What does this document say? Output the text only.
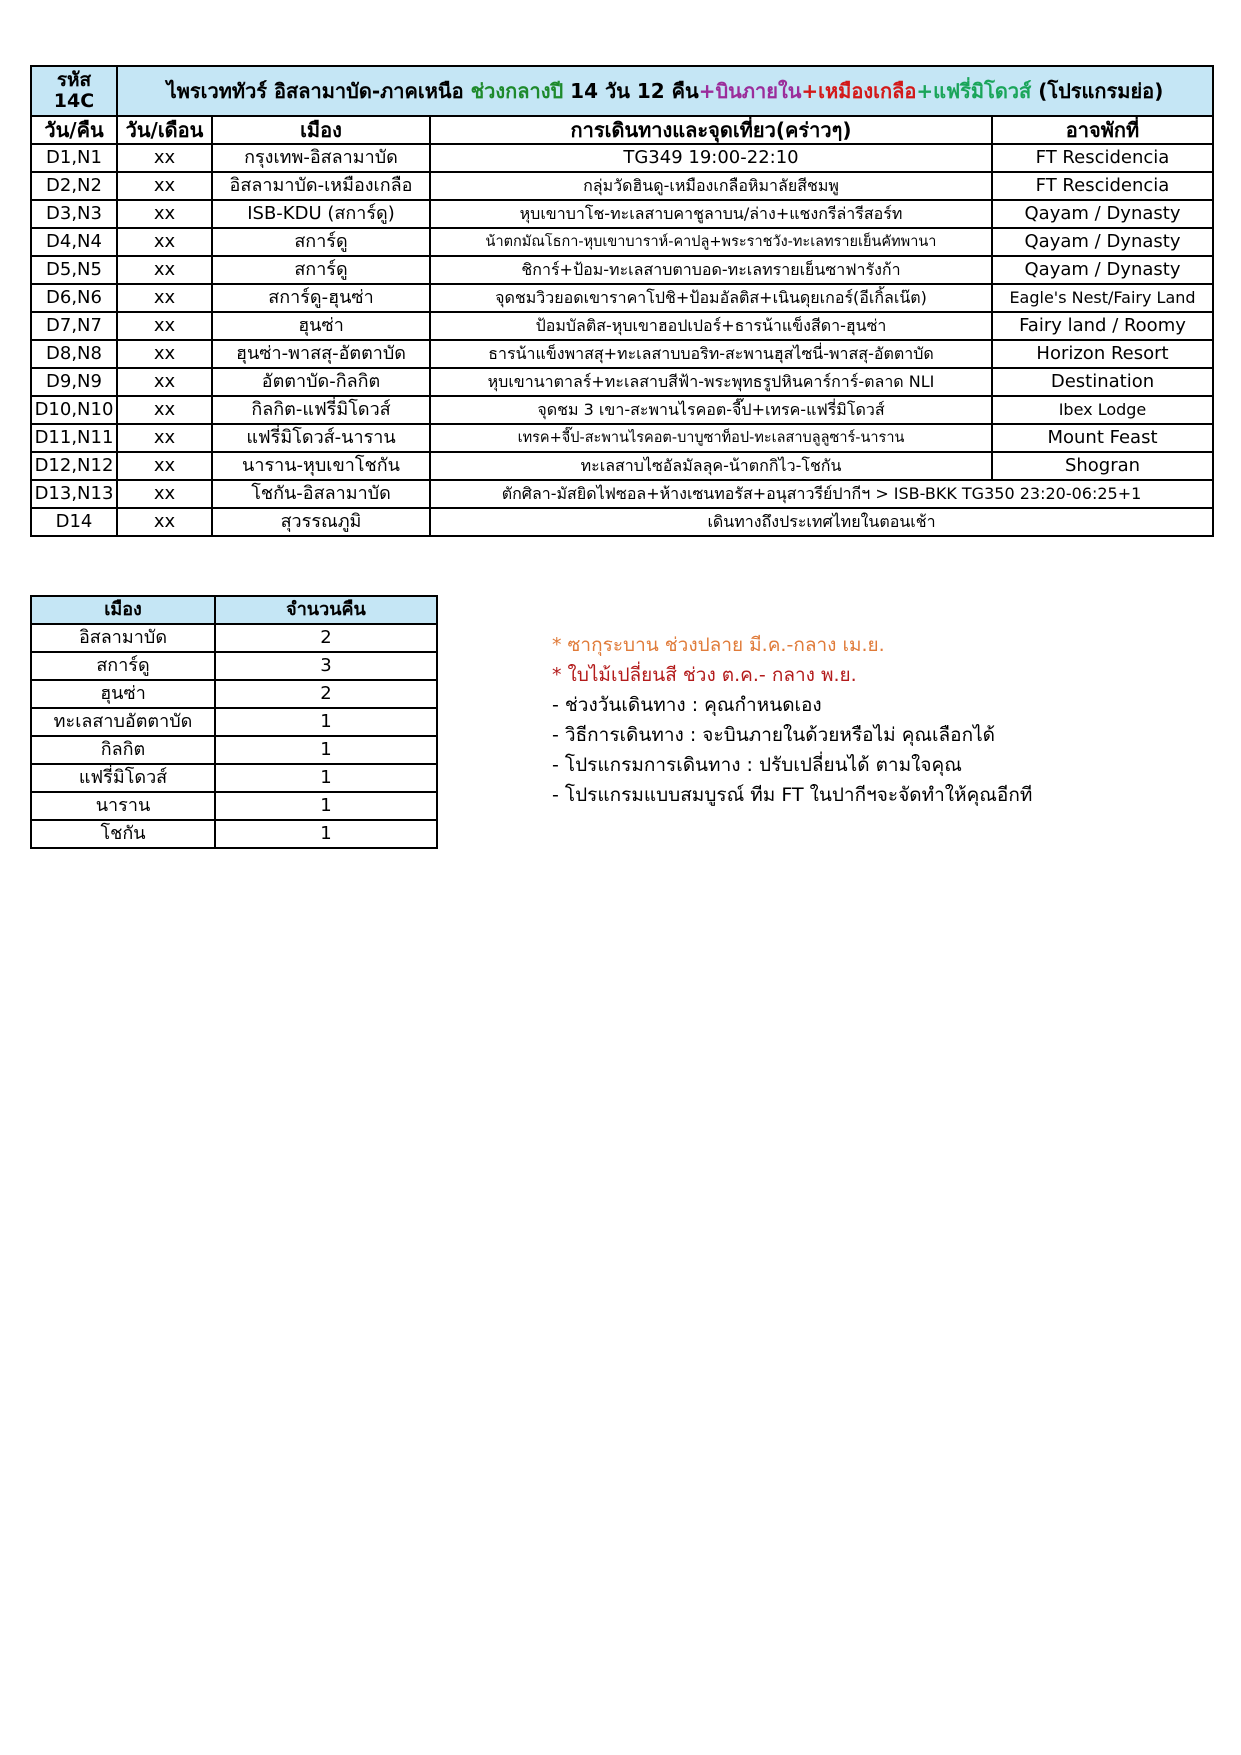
รหัส
14C	ไพรเวททัวร์ อิสลามาบัด-ภาคเหนือ ช่วงกลางปี 14 วัน 12 คืน+บินภายใน+เหมืองเกลือ+แฟรี่มิโดวส์ (โปรแกรมย่อ)			
วัน/คืน	วัน/เดือน	เมือง	การเดินทางและจุดเที่ยว(คร่าวๆ)	อาจพักที่
D1,N1	xx	กรุงเทพ-อิสลามาบัด	TG349 19:00-22:10	FT Rescidencia
D2,N2	xx	อิสลามาบัด-เหมืองเกลือ	กลุ่มวัดฮินดู-เหมืองเกลือหิมาลัยสีชมพู	FT Rescidencia
D3,N3	xx	ISB-KDU (สการ์ดู)	หุบเขาบาโช-ทะเลสาบคาชูลาบน/ล่าง+แชงกรีล่ารีสอร์ท	Qayam / Dynasty
D4,N4	xx	สการ์ดู	น้าตกมัณโธกา-หุบเขาบาราห์-คาปลู+พระราชวัง-ทะเลทรายเย็นคัทพานา	Qayam / Dynasty
D5,N5	xx	สการ์ดู	ชิการ์+ป้อม-ทะเลสาบตาบอด-ทะเลทรายเย็นซาฟารังก้า	Qayam / Dynasty
D6,N6	xx	สการ์ดู-ฮุนซ่า	จุดชมวิวยอดเขาราคาโปชิ+ป้อมอัลติส+เนินดุยเกอร์(อีเกิ้ลเน๊ต)	Eagle's Nest/Fairy Land
D7,N7	xx	ฮุนซ่า	ป้อมบัลติส-หุบเขาฮอปเปอร์+ธารน้าแข็งสีดา-ฮุนซ่า	Fairy land / Roomy
D8,N8	xx	ฮุนซ่า-พาสสุ-อัตตาบัด	ธารน้าแข็งพาสสุ+ทะเลสาบบอริท-สะพานฮุสไซนี่-พาสสุ-อัตตาบัด	Horizon Resort
D9,N9	xx	อัตตาบัด-กิลกิต	หุบเขานาตาลร์+ทะเลสาบสีฟ้า-พระพุทธรูปหินคาร์การ์-ตลาด NLI	Destination
D10,N10	xx	กิลกิต-แฟรี่มิโดวส์	จุดชม 3 เขา-สะพานไรคอต-จี๊ป+เทรค-แฟรี่มิโดวส์	Ibex Lodge
D11,N11	xx	แฟรี่มิโดวส์-นาราน	เทรค+จี๊ป-สะพานไรคอต-บาบูซาท็อป-ทะเลสาบลูลูซาร์-นาราน	Mount Feast
D12,N12	xx	นาราน-หุบเขาโชกัน	ทะเลสาบไซอัลมัลลุค-น้าตกกิไว-โชกัน	Shogran
D13,N13	xx	โชกัน-อิสลามาบัด	ตักศิลา-มัสยิดไฟซอล+ห้างเซนทอรัส+อนุสาวรีย์ปากีฯ > ISB-BKK TG350 23:20-06:25+1	
D14	xx	สุวรรณภูมิ	เดินทางถึงประเทศไทยในตอนเช้า	
เมือง	จำนวนคืน
อิสลามาบัด	2
สการ์ดู	3
ฮุนซ่า	2
ทะเลสาบอัตตาบัด	1
กิลกิต	1
แฟรี่มิโดวส์	1
นาราน	1
โชกัน	1
* ซากุระบาน ช่วงปลาย มี.ค.-กลาง เม.ย.
* ใบไม้เปลี่ยนสี ช่วง ต.ค.- กลาง พ.ย.
- ช่วงวันเดินทาง : คุณกำหนดเอง
- วิธีการเดินทาง : จะบินภายในด้วยหรือไม่ คุณเลือกได้
- โปรแกรมการเดินทาง : ปรับเปลี่ยนได้ ตามใจคุณ
- โปรแกรมแบบสมบูรณ์ ทีม FT ในปากีฯจะจัดทำให้คุณอีกที
